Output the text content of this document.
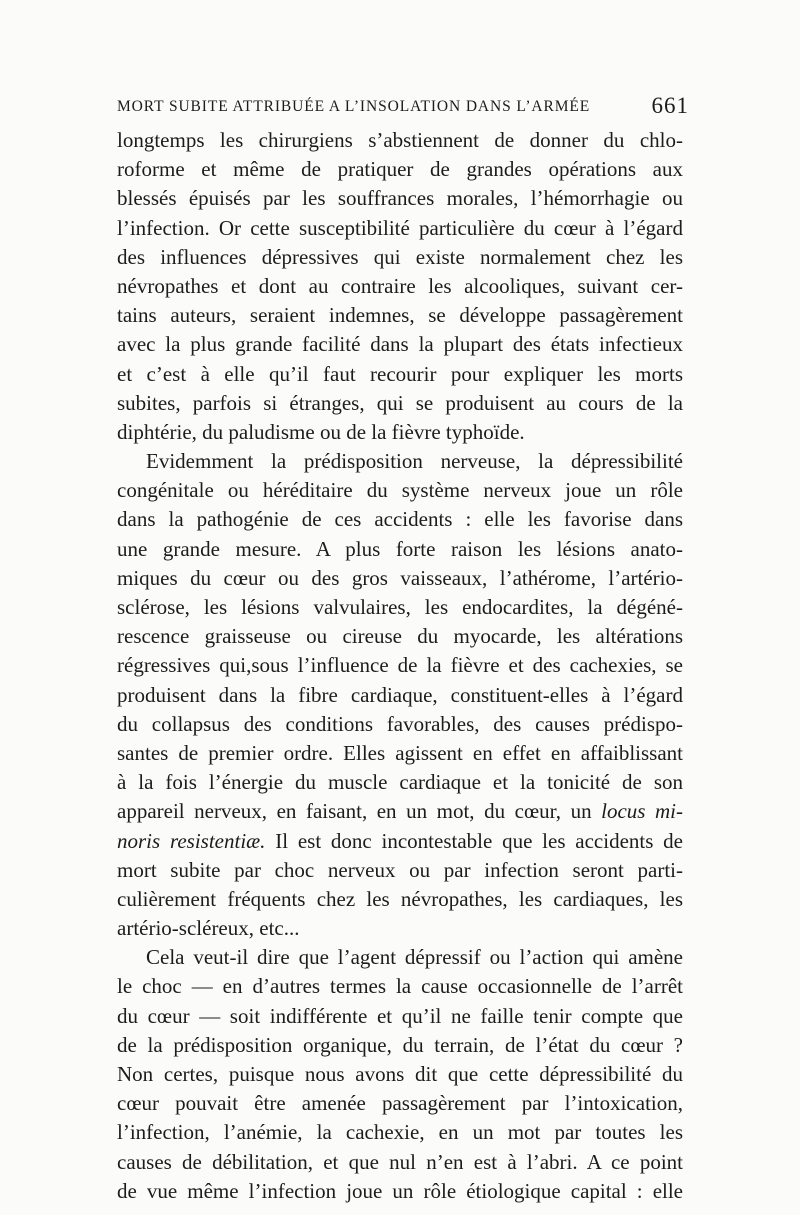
MORT SUBITE ATTRIBUÉE A L’INSOLATION DANS L’ARMÉE	661
longtemps les chirurgiens s’abstiennent de donner du chlo-
roforme et même de pratiquer de grandes opérations aux
blessés épuisés par les souffrances morales, l’hémorrhagie ou
l’infection. Or cette susceptibilité particulière du cœur à l’égard
des influences dépressives qui existe normalement chez les
névropathes et dont au contraire les alcooliques, suivant cer-
tains auteurs, seraient indemnes, se développe passagèrement
avec la plus grande facilité dans la plupart des états infectieux
et c’est à elle qu’il faut recourir pour expliquer les morts
subites, parfois si étranges, qui se produisent au cours de la
diphtérie, du paludisme ou de la fièvre typhoïde.
Evidemment la prédisposition nerveuse, la dépressibilité
congénitale ou héréditaire du système nerveux joue un rôle
dans la pathogénie de ces accidents : elle les favorise dans
une grande mesure. A plus forte raison les lésions anato-
miques du cœur ou des gros vaisseaux, l’athérome, l’artério-
sclérose, les lésions valvulaires, les endocardites, la dégéné-
rescence graisseuse ou cireuse du myocarde, les altérations
régressives qui,sous l’influence de la fièvre et des cachexies, se
produisent dans la fibre cardiaque, constituent-elles à l’égard
du collapsus des conditions favorables, des causes prédispo-
santes de premier ordre. Elles agissent en effet en affaiblissant
à la fois l’énergie du muscle cardiaque et la tonicité de son
appareil nerveux, en faisant, en un mot, du cœur, un locus mi-
noris resistentiæ. Il est donc incontestable que les accidents de
mort subite par choc nerveux ou par infection seront parti-
culièrement fréquents chez les névropathes, les cardiaques, les
artério-scléreux, etc...
Cela veut-il dire que l’agent dépressif ou l’action qui amène
le choc — en d’autres termes la cause occasionnelle de l’arrêt
du cœur — soit indifférente et qu’il ne faille tenir compte que
de la prédisposition organique, du terrain, de l’état du cœur ?
Non certes, puisque nous avons dit que cette dépressibilité du
cœur pouvait être amenée passagèrement par l’intoxication,
l’infection, l’anémie, la cachexie, en un mot par toutes les
causes de débilitation, et que nul n’en est à l’abri. A ce point
de vue même l’infection joue un rôle étiologique capital : elle
